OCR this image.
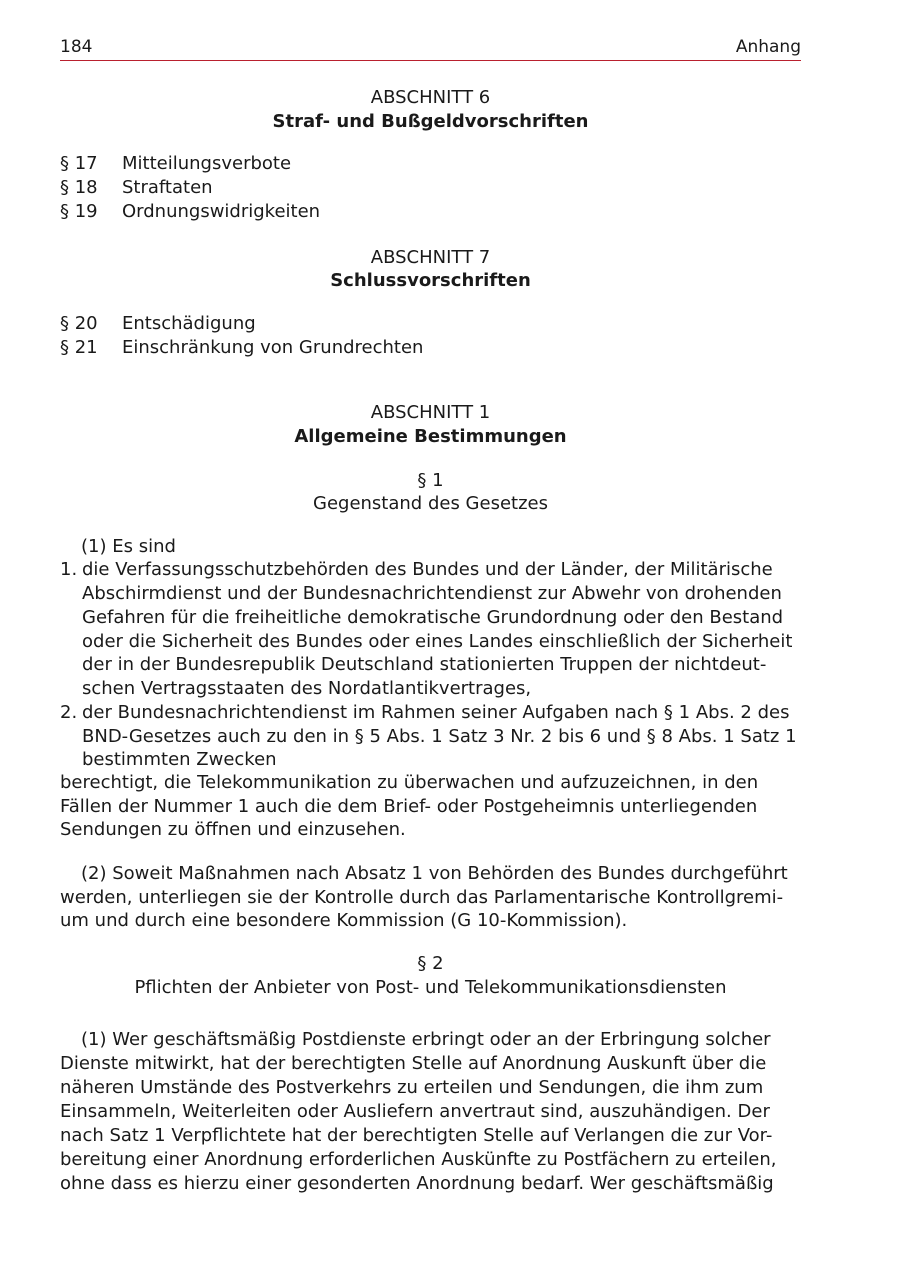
184	Anhang
ABSCHNITT 6
Straf- und Bußgeldvorschriften
§ 17 Mitteilungsverbote
§ 18 Straftaten
§ 19 Ordnungswidrigkeiten
ABSCHNITT 7
Schlussvorschriften
§ 20 Entschädigung
§ 21 Einschränkung von Grundrechten
ABSCHNITT 1
Allgemeine Bestimmungen
§ 1
Gegenstand des Gesetzes
(1) Es sind
1. die Verfassungsschutzbehörden des Bundes und der Länder, der Militärische
Abschirmdienst und der Bundesnachrichtendienst zur Abwehr von drohenden
Gefahren für die freiheitliche demokratische Grundordnung oder den Bestand
oder die Sicherheit des Bundes oder eines Landes einschließlich der Sicherheit
der in der Bundesrepublik Deutschland stationierten Truppen der nichtdeut-
schen Vertragsstaaten des Nordatlantikvertrages,
2. der Bundesnachrichtendienst im Rahmen seiner Aufgaben nach § 1 Abs. 2 des
BND-Gesetzes auch zu den in § 5 Abs. 1 Satz 3 Nr. 2 bis 6 und § 8 Abs. 1 Satz 1
bestimmten Zwecken
berechtigt, die Telekommunikation zu überwachen und aufzuzeichnen, in den
Fällen der Nummer 1 auch die dem Brief- oder Postgeheimnis unterliegenden
Sendungen zu öffnen und einzusehen.
(2) Soweit Maßnahmen nach Absatz 1 von Behörden des Bundes durchgeführt
werden, unterliegen sie der Kontrolle durch das Parlamentarische Kontrollgremi-
um und durch eine besondere Kommission (G 10-Kommission).
§ 2
Pflichten der Anbieter von Post- und Telekommunikationsdiensten
(1) Wer geschäftsmäßig Postdienste erbringt oder an der Erbringung solcher
Dienste mitwirkt, hat der berechtigten Stelle auf Anordnung Auskunft über die
näheren Umstände des Postverkehrs zu erteilen und Sendungen, die ihm zum
Einsammeln, Weiterleiten oder Ausliefern anvertraut sind, auszuhändigen. Der
nach Satz 1 Verpflichtete hat der berechtigten Stelle auf Verlangen die zur Vor-
bereitung einer Anordnung erforderlichen Auskünfte zu Postfächern zu erteilen,
ohne dass es hierzu einer gesonderten Anordnung bedarf. Wer geschäftsmäßig
